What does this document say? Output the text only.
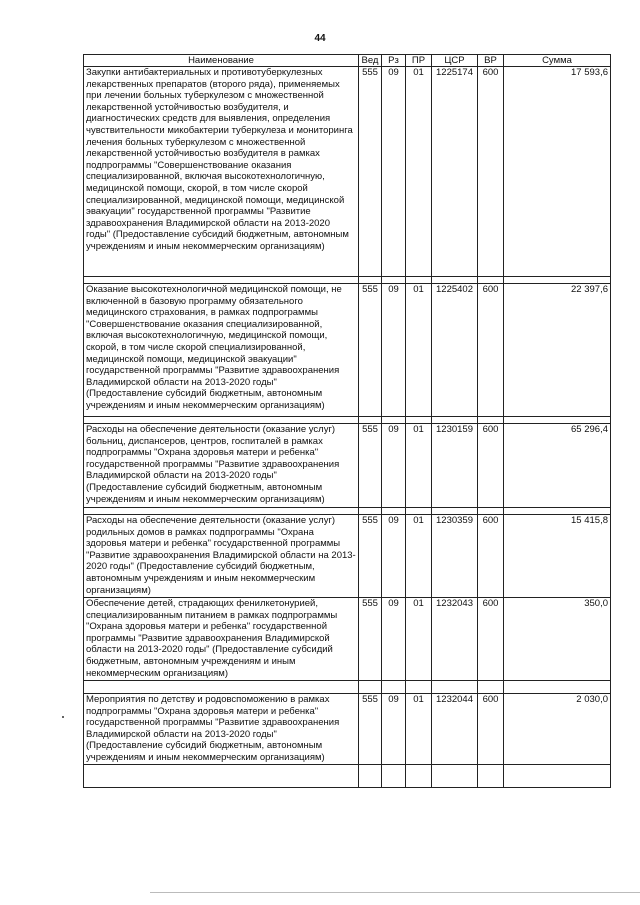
44
Наименование	Вед	Рз	ПР	ЦСР	ВР	Сумма
Закупки антибактериальных и противотуберкулезных лекарственных препаратов (второго ряда), применяемых при лечении больных туберкулезом с множественной лекарственной устойчивостью возбудителя, и диагностических средств для выявления, определения чувствительности микобактерии туберкулеза и мониторинга лечения больных туберкулезом с множественной лекарственной устойчивостью возбудителя в рамках подпрограммы "Совершенствование оказания специализированной, включая высокотехнологичную, медицинской помощи, скорой, в том числе скорой специализированной, медицинской помощи, медицинской эвакуации" государственной программы "Развитие здравоохранения Владимирской области на 2013-2020 годы" (Предоставление субсидий бюджетным, автономным учреждениям и иным некоммерческим организациям)	555	09	01	1225174	600	17 593,6

Оказание высокотехнологичной медицинской помощи, не включенной в базовую программу обязательного медицинского страхования, в рамках подпрограммы "Совершенствование оказания специализированной, включая высокотехнологичную, медицинской помощи, скорой, в том числе скорой специализированной, медицинской помощи, медицинской эвакуации" государственной программы "Развитие здравоохранения Владимирской области на 2013-2020 годы" (Предоставление субсидий бюджетным, автономным учреждениям и иным некоммерческим организациям)	555	09	01	1225402	600	22 397,6

Расходы на обеспечение деятельности (оказание услуг) больниц, диспансеров, центров, госпиталей в рамках подпрограммы "Охрана здоровья матери и ребенка" государственной программы "Развитие здравоохранения Владимирской области на 2013-2020 годы" (Предоставление субсидий бюджетным, автономным учреждениям и иным некоммерческим организациям)	555	09	01	1230159	600	65 296,4

Расходы на обеспечение деятельности (оказание услуг) родильных домов в рамках подпрограммы "Охрана здоровья матери и ребенка" государственной программы "Развитие здравоохранения Владимирской области на 2013-2020 годы" (Предоставление субсидий бюджетным, автономным учреждениям и иным некоммерческим организациям)	555	09	01	1230359	600	15 415,8
Обеспечение детей, страдающих фенилкетонурией, специализированным питанием в рамках подпрограммы "Охрана здоровья матери и ребенка" государственной программы "Развитие здравоохранения Владимирской области на 2013-2020 годы" (Предоставление субсидий бюджетным, автономным учреждениям и иным некоммерческим организациям)	555	09	01	1232043	600	350,0

Мероприятия по детству и родовспоможению в рамках подпрограммы "Охрана здоровья матери и ребенка" государственной программы "Развитие здравоохранения Владимирской области на 2013-2020 годы" (Предоставление субсидий бюджетным, автономным учреждениям и иным некоммерческим организациям)	555	09	01	1232044	600	2 030,0
